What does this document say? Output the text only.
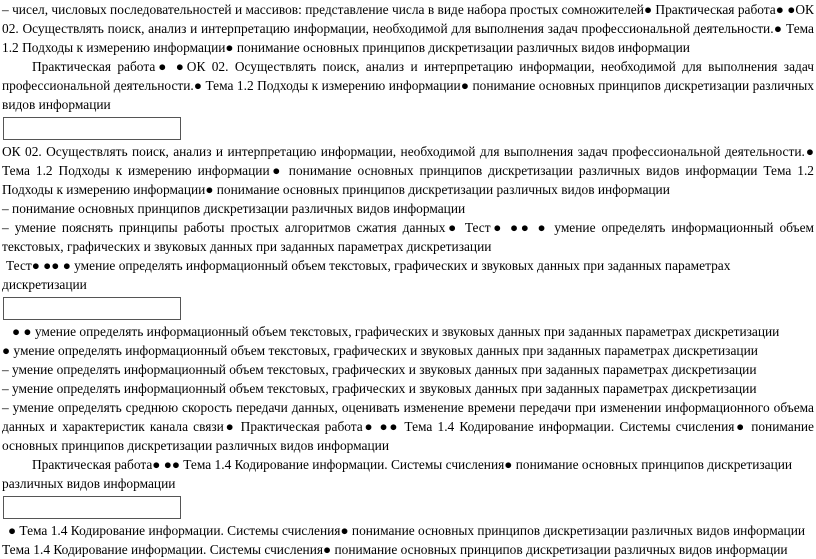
– чисел, числовых последовательностей и массивов: представление числа в виде набора простых сомножителей● Практическая работа● ●ОК 02. Осуществлять поиск, анализ и интерпретацию информации, необходимой для выполнения задач профессиональной деятельности.● Тема 1.2 Подходы к измерению информации● понимание основных принципов дискретизации различных видов информации

Практическая работа● ●ОК 02. Осуществлять поиск, анализ и интерпретацию информации, необходимой для выполнения задач профессиональной деятельности.● Тема 1.2 Подходы к измерению информации● понимание основных принципов дискретизации различных видов информации

ОК 02. Осуществлять поиск, анализ и интерпретацию информации, необходимой для выполнения задач профессиональной деятельности.● Тема 1.2 Подходы к измерению информации● понимание основных принципов дискретизации различных видов информации Тема 1.2 Подходы к измерению информации● понимание основных принципов дискретизации различных видов информации

– понимание основных принципов дискретизации различных видов информации

– умение пояснять принципы работы простых алгоритмов сжатия данных● Тест● ●● ● умение определять информационный объем текстовых, графических и звуковых данных при заданных параметрах дискретизации

Тест● ●● ● умение определять информационный объем текстовых, графических и звуковых данных при заданных параметрах дискретизации

● ● умение определять информационный объем текстовых, графических и звуковых данных при заданных параметрах дискретизации

● умение определять информационный объем текстовых, графических и звуковых данных при заданных параметрах дискретизации

– умение определять информационный объем текстовых, графических и звуковых данных при заданных параметрах дискретизации

– умение определять информационный объем текстовых, графических и звуковых данных при заданных параметрах дискретизации

– умение определять среднюю скорость передачи данных, оценивать изменение времени передачи при изменении информационного объема данных и характеристик канала связи● Практическая работа● ●● Тема 1.4 Кодирование информации. Системы счисления● понимание основных принципов дискретизации различных видов информации

Практическая работа● ●● Тема 1.4 Кодирование информации. Системы счисления● понимание основных принципов дискретизации различных видов информации

● Тема 1.4 Кодирование информации. Системы счисления● понимание основных принципов дискретизации различных видов информации

Тема 1.4 Кодирование информации. Системы счисления● понимание основных принципов дискретизации различных видов информации
